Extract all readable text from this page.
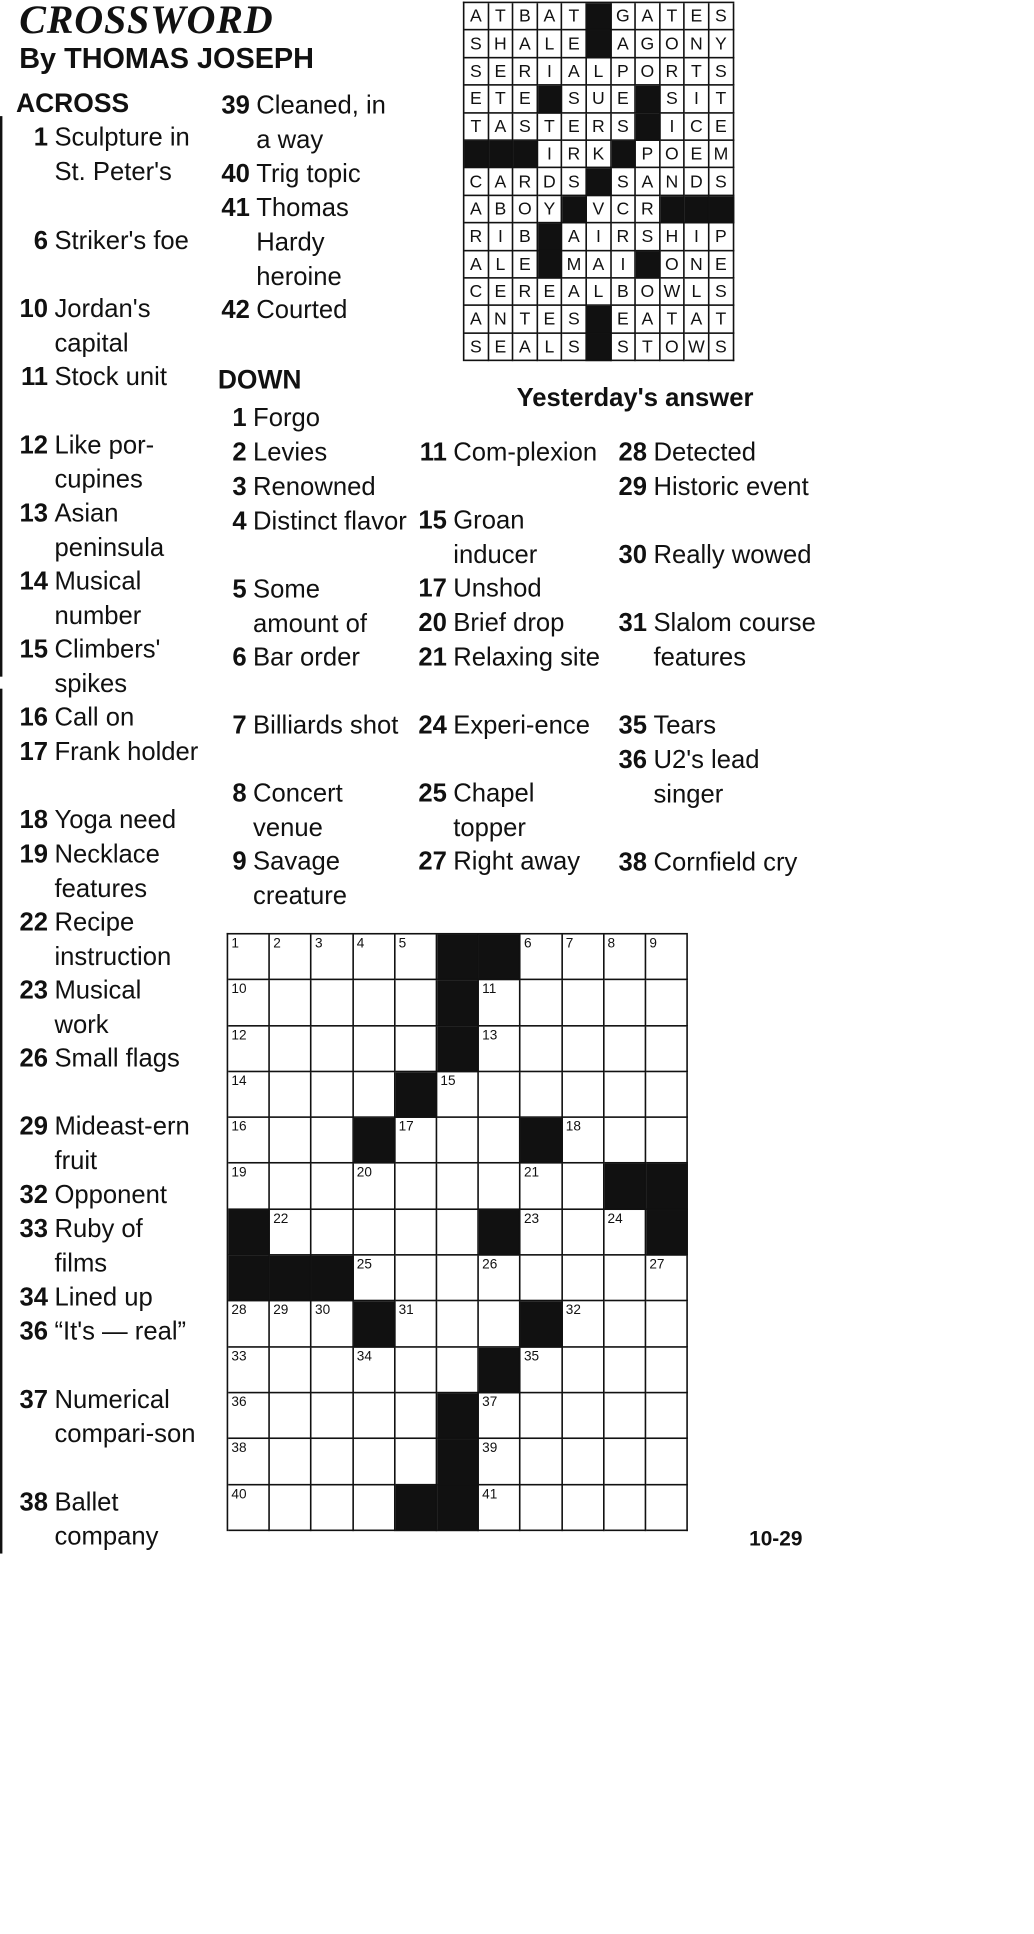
CROSSWORD
By THOMAS JOSEPH
ACROSS
DOWN
1 Sculpture in St. Peter's
6 Striker's foe
10 Jordan's capital
11 Stock unit
12 Like por-cupines
13 Asian peninsula
14 Musical number
15 Climbers' spikes
16 Call on
17 Frank holder
18 Yoga need
19 Necklace features
22 Recipe instruction
23 Musical work
26 Small flags
29 Mideast-ern fruit
32 Opponent
33 Ruby of films
34 Lined up
36 “It's — real”
37 Numerical compari-son
38 Ballet company
39 Cleaned, in a way
40 Trig topic
41 Thomas Hardy heroine
42 Courted
1 Forgo
2 Levies
3 Renowned
4 Distinct flavor
5 Some amount of
6 Bar order
7 Billiards shot
8 Concert venue
9 Savage creature
11 Com-plexion
15 Groan inducer
17 Unshod
20 Brief drop
21 Relaxing site
24 Experi-ence
25 Chapel topper
27 Right away
28 Detected
29 Historic event
30 Really wowed
31 Slalom course features
35 Tears
36 U2's lead singer
38 Cornfield cry
A T B A T	G A T E S
S H A L E	A G O N Y
S E R I A L P O R T S
E T E	S U E	S I T
T A S T E R S	I C E
I R K	P O E M
C A R D S	S A N D S
A B O Y	V C R
R I B	A I R S H I P
A L E	M A I	O N E
C E R E A L B O W L S
A N T E S	E A T A T
S E A L S	S T O W S
Yesterday's answer
1 2 3 4 5	6 7 8 9
10	11
12	13
14	15
16	17	18
19	20	21
22	23	24
25	26	27
28 29 30	31	32
33	34	35
36	37
38	39
40	41
10-29
